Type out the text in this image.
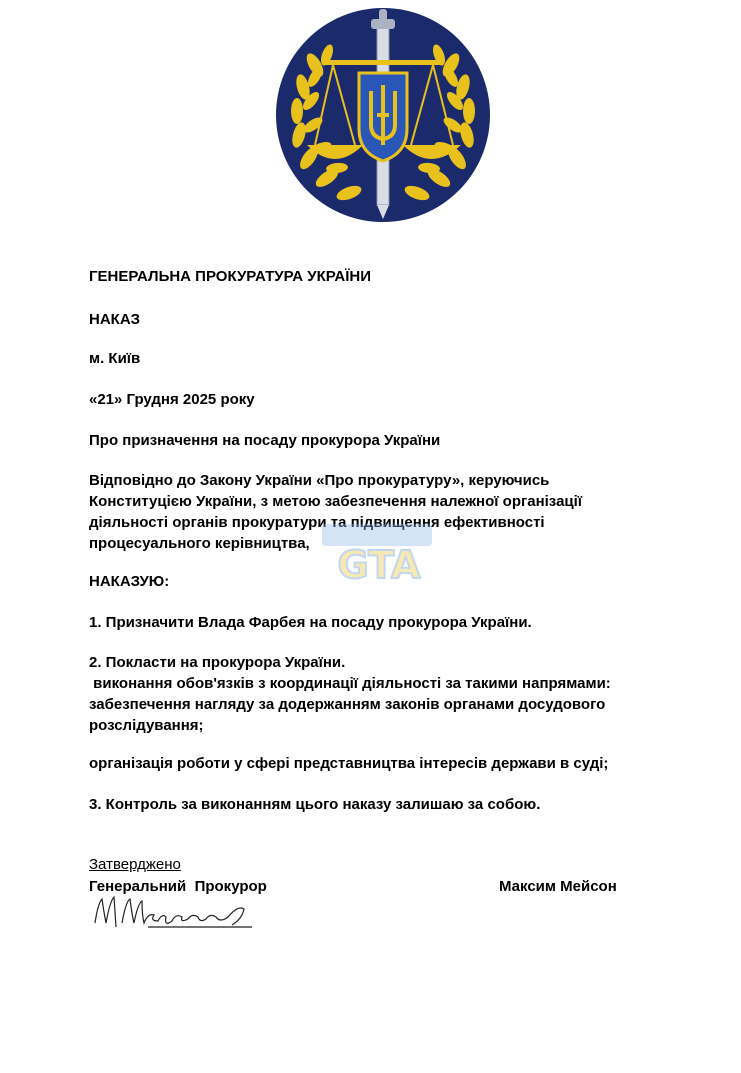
ГЕНЕРАЛЬНА ПРОКУРАТУРА УКРАЇНИ
НАКАЗ
м. Київ
«21» Грудня 2025 року
Про призначення на посаду прокурора України
Відповідно до Закону України «Про прокуратуру», керуючись
Конституцією України, з метою забезпечення належної організації
діяльності органів прокуратури та підвищення ефективності
процесуального керівництва,
НАКАЗУЮ:
1. Призначити Влада Фарбея на посаду прокурора України.
2. Покласти на прокурора України.
виконання обов'язків з координації діяльності за такими напрямами:
забезпечення нагляду за додержанням законів органами досудового
розслідування;
організація роботи у сфері представництва інтересів держави в суді;
3. Контроль за виконанням цього наказу залишаю за собою.
Затверджено
Генеральний  Прокурор	Максим Мейсон
GTA
